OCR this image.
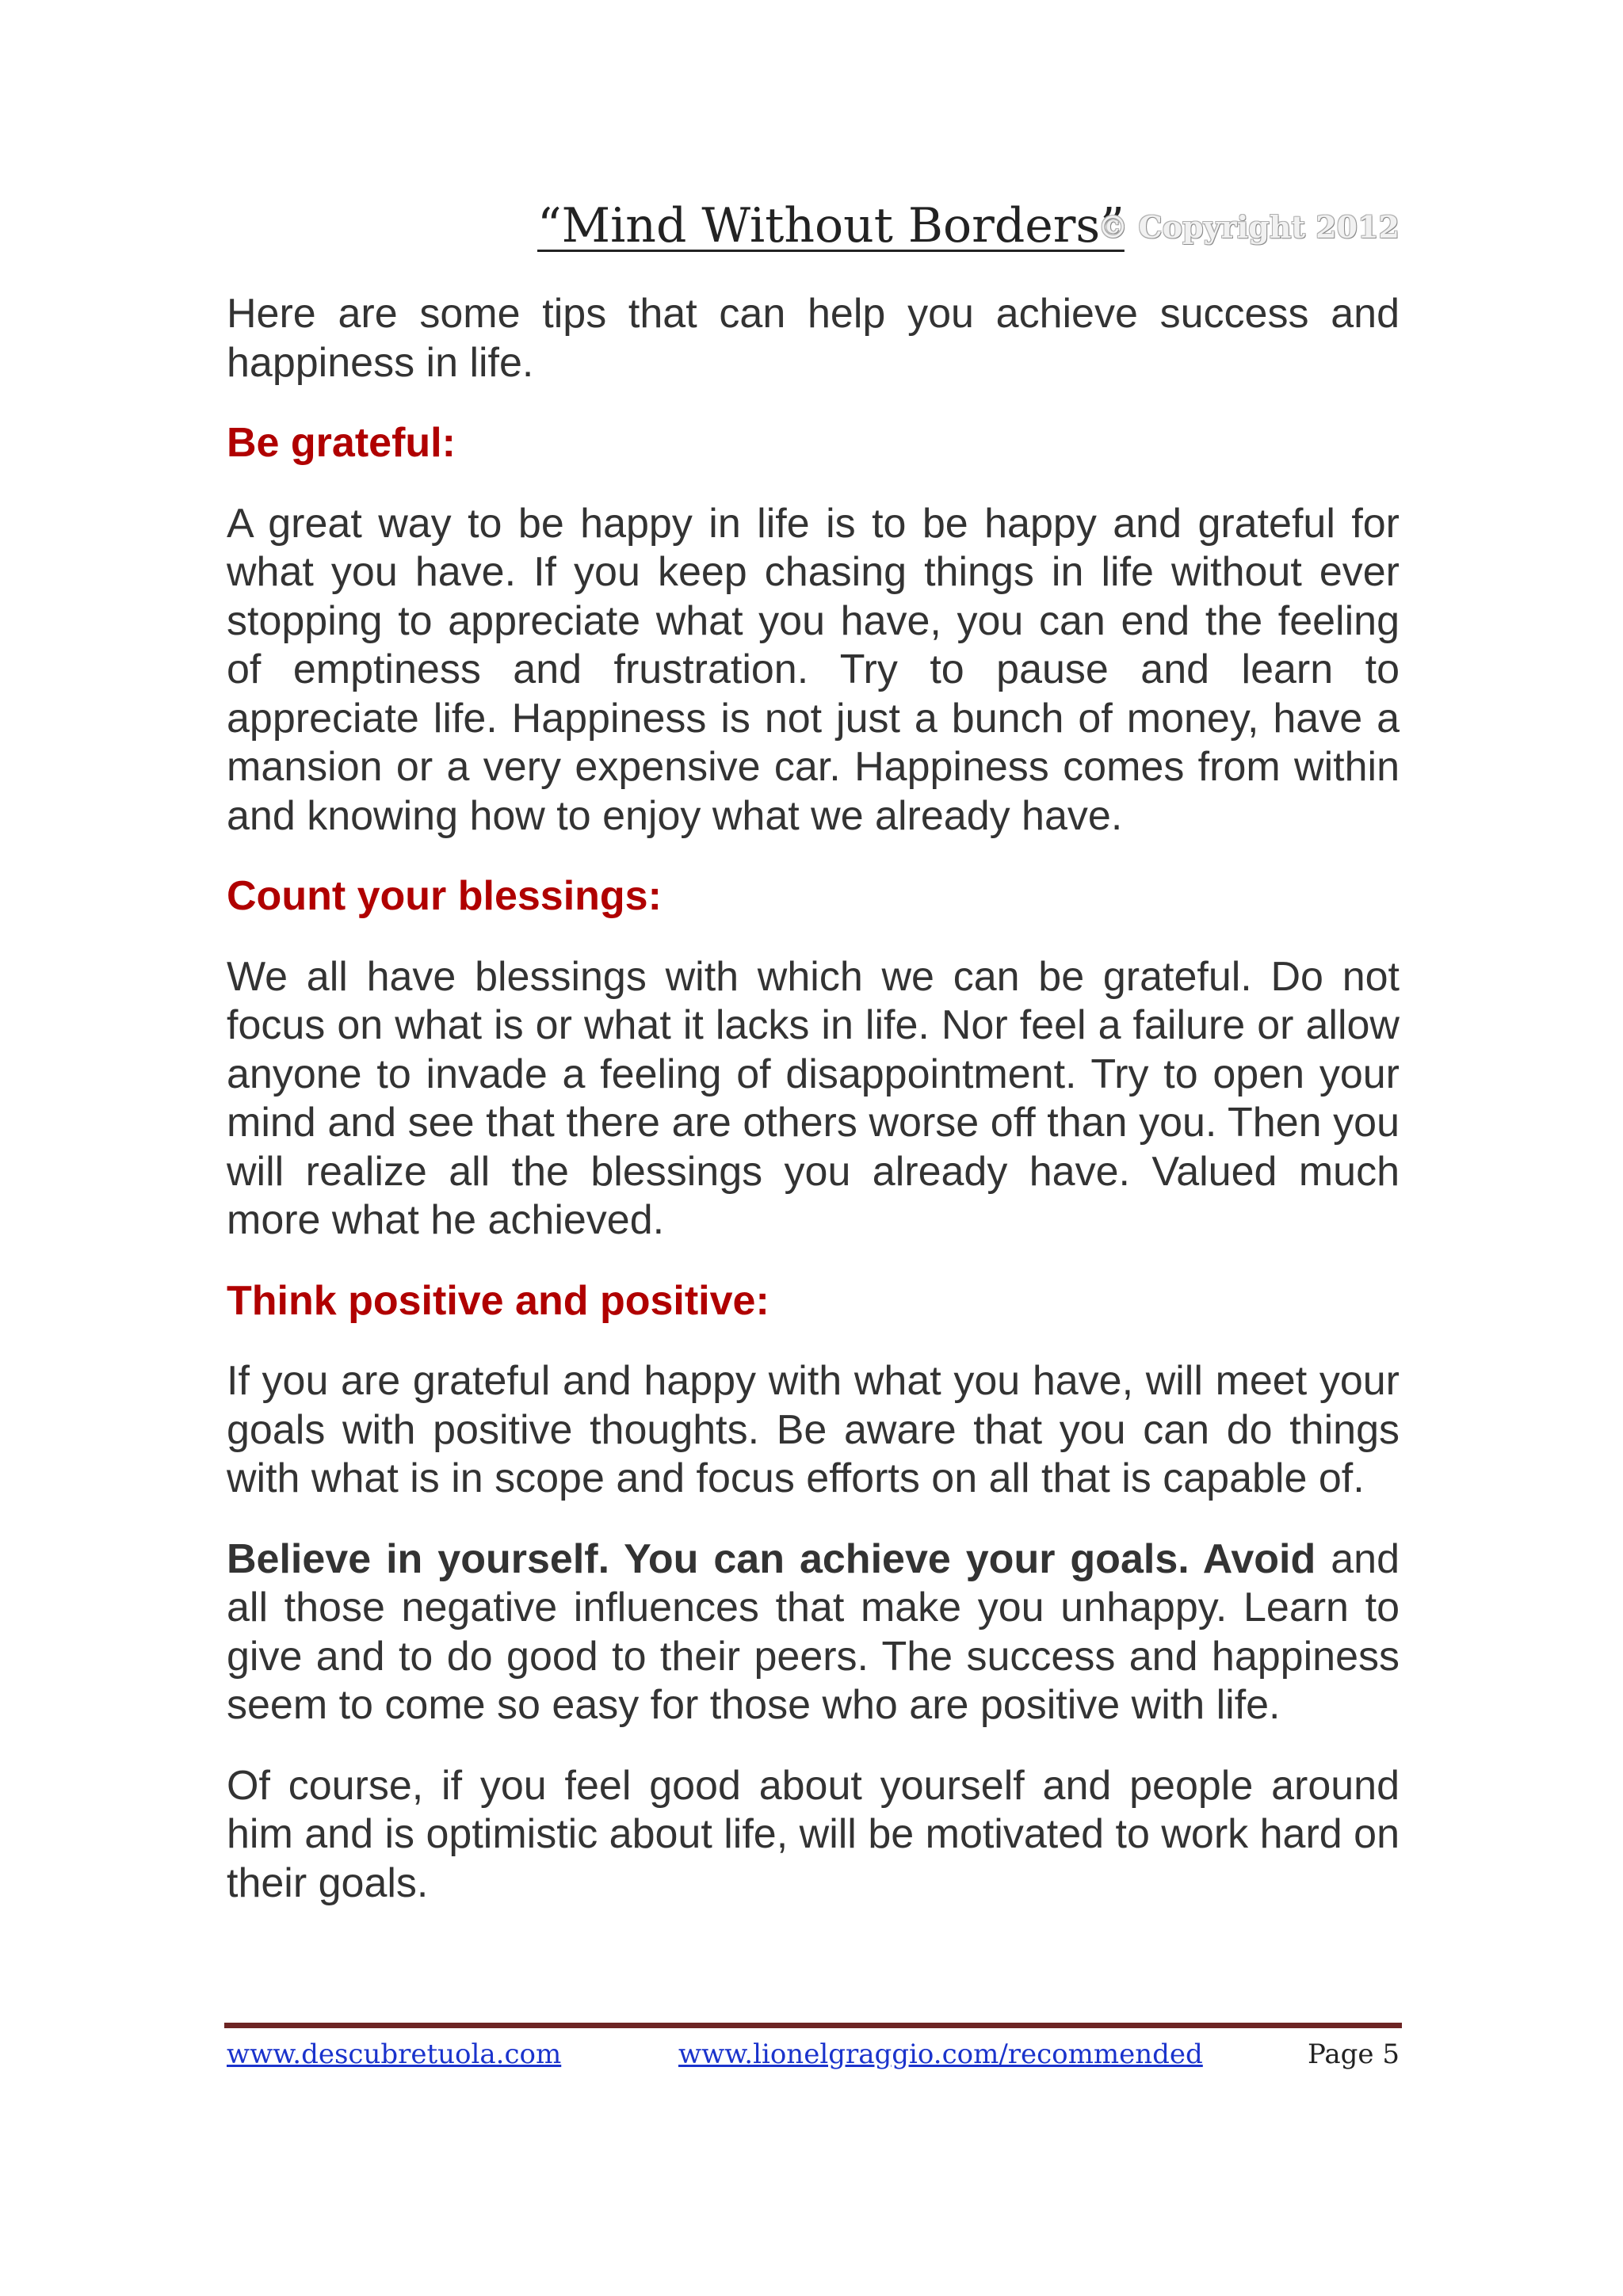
“Mind Without Borders”
© Copyright 2012

Here are some tips that can help you achieve success and happiness in life.

Be grateful:

A great way to be happy in life is to be happy and grateful for what you have. If you keep chasing things in life without ever stopping to appreciate what you have, you can end the feeling of emptiness and frustration. Try to pause and learn to appreciate life. Happiness is not just a bunch of money, have a mansion or a very expensive car. Happiness comes from within and knowing how to enjoy what we already have.

Count your blessings:

We all have blessings with which we can be grateful. Do not focus on what is or what it lacks in life. Nor feel a failure or allow anyone to invade a feeling of disappointment. Try to open your mind and see that there are others worse off than you. Then you will realize all the blessings you already have. Valued much more what he achieved.

Think positive and positive:

If you are grateful and happy with what you have, will meet your goals with positive thoughts. Be aware that you can do things with what is in scope and focus efforts on all that is capable of.

Believe in yourself. You can achieve your goals. Avoid and all those negative influences that make you unhappy. Learn to give and to do good to their peers. The success and happiness seem to come so easy for those who are positive with life.

Of course, if you feel good about yourself and people around him and is optimistic about life, will be motivated to work hard on their goals.

www.descubretuola.com	www.lionelgraggio.com/recommended	Page 5
